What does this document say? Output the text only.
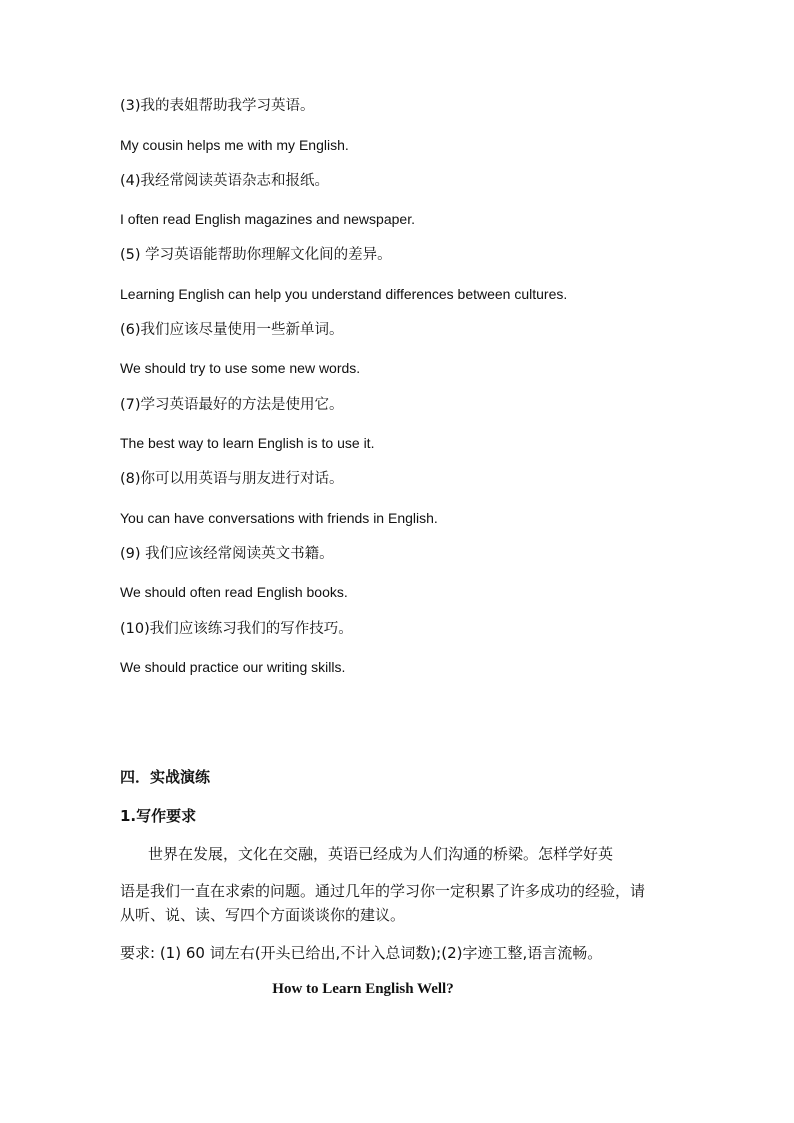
(3)我的表姐帮助我学习英语。
My cousin helps me with my English.
(4)我经常阅读英语杂志和报纸。
I often read English magazines and newspaper.
(5) 学习英语能帮助你理解文化间的差异。
Learning English can help you understand differences between cultures.
(6)我们应该尽量使用一些新单词。
We should try to use some new words.
(7)学习英语最好的方法是使用它。
The best way to learn English is to use it.
(8)你可以用英语与朋友进行对话。
You can have conversations with friends in English.
(9) 我们应该经常阅读英文书籍。
We should often read English books.
(10)我们应该练习我们的写作技巧。
We should practice our writing skills.
四．实战演练
1.写作要求
世界在发展，文化在交融，英语已经成为人们沟通的桥梁。怎样学好英
语是我们一直在求索的问题。通过几年的学习你一定积累了许多成功的经验，请
从听、说、读、写四个方面谈谈你的建议。
要求: (1) 60 词左右(开头已给出,不计入总词数);(2)字迹工整,语言流畅。
How to Learn English Well?
